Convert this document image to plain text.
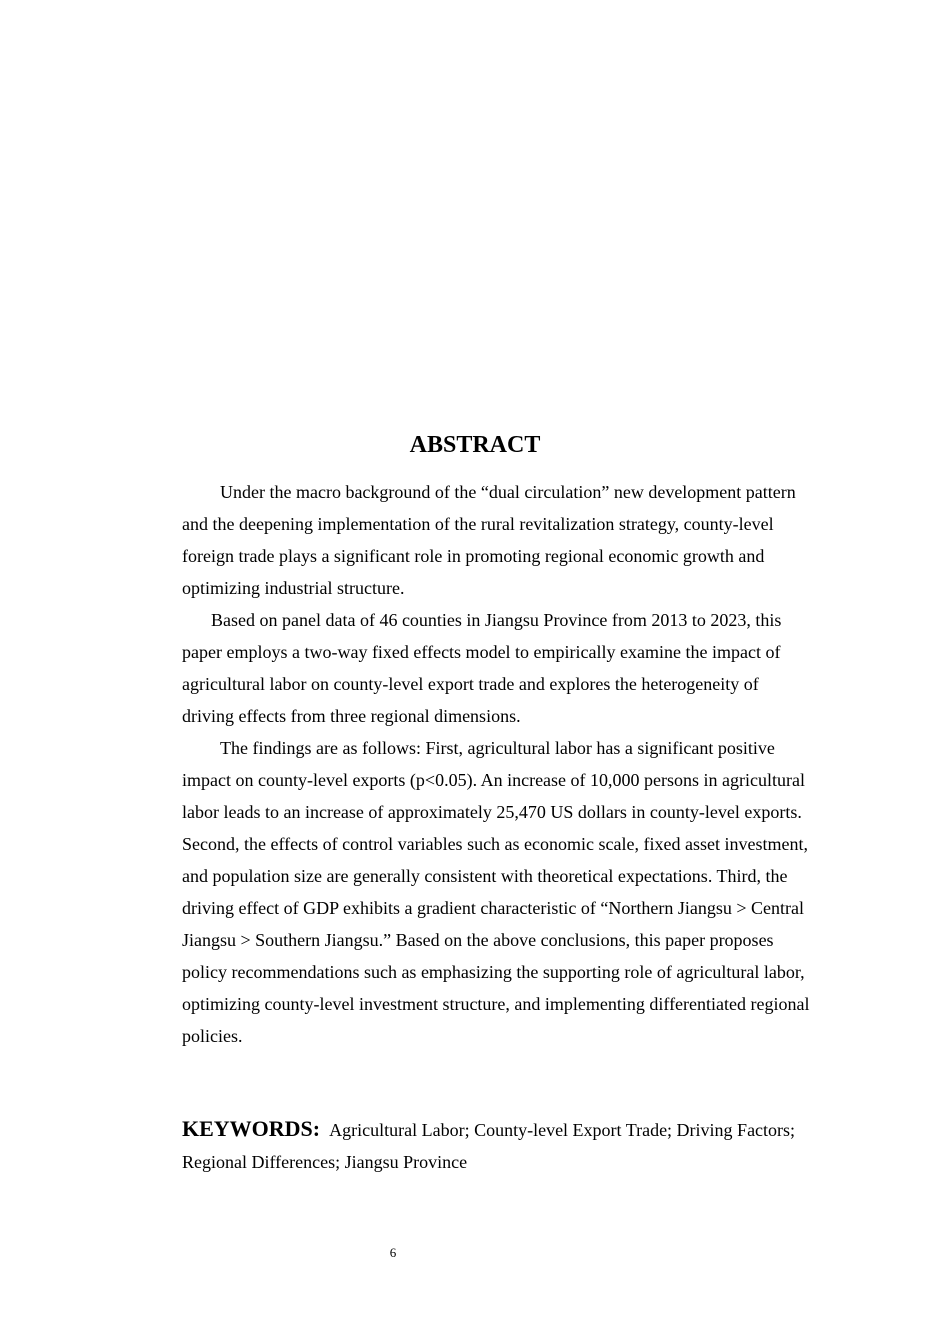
ABSTRACT

Under the macro background of the “dual circulation” new development pattern and the deepening implementation of the rural revitalization strategy, county-level foreign trade plays a significant role in promoting regional economic growth and optimizing industrial structure.

Based on panel data of 46 counties in Jiangsu Province from 2013 to 2023, this paper employs a two-way fixed effects model to empirically examine the impact of agricultural labor on county-level export trade and explores the heterogeneity of driving effects from three regional dimensions.

The findings are as follows: First, agricultural labor has a significant positive impact on county-level exports (p<0.05). An increase of 10,000 persons in agricultural labor leads to an increase of approximately 25,470 US dollars in county-level exports. Second, the effects of control variables such as economic scale, fixed asset investment, and population size are generally consistent with theoretical expectations. Third, the driving effect of GDP exhibits a gradient characteristic of “Northern Jiangsu > Central Jiangsu > Southern Jiangsu.” Based on the above conclusions, this paper proposes policy recommendations such as emphasizing the supporting role of agricultural labor, optimizing county-level investment structure, and implementing differentiated regional policies.

KEYWORDS: Agricultural Labor; County-level Export Trade; Driving Factors; Regional Differences; Jiangsu Province

6
